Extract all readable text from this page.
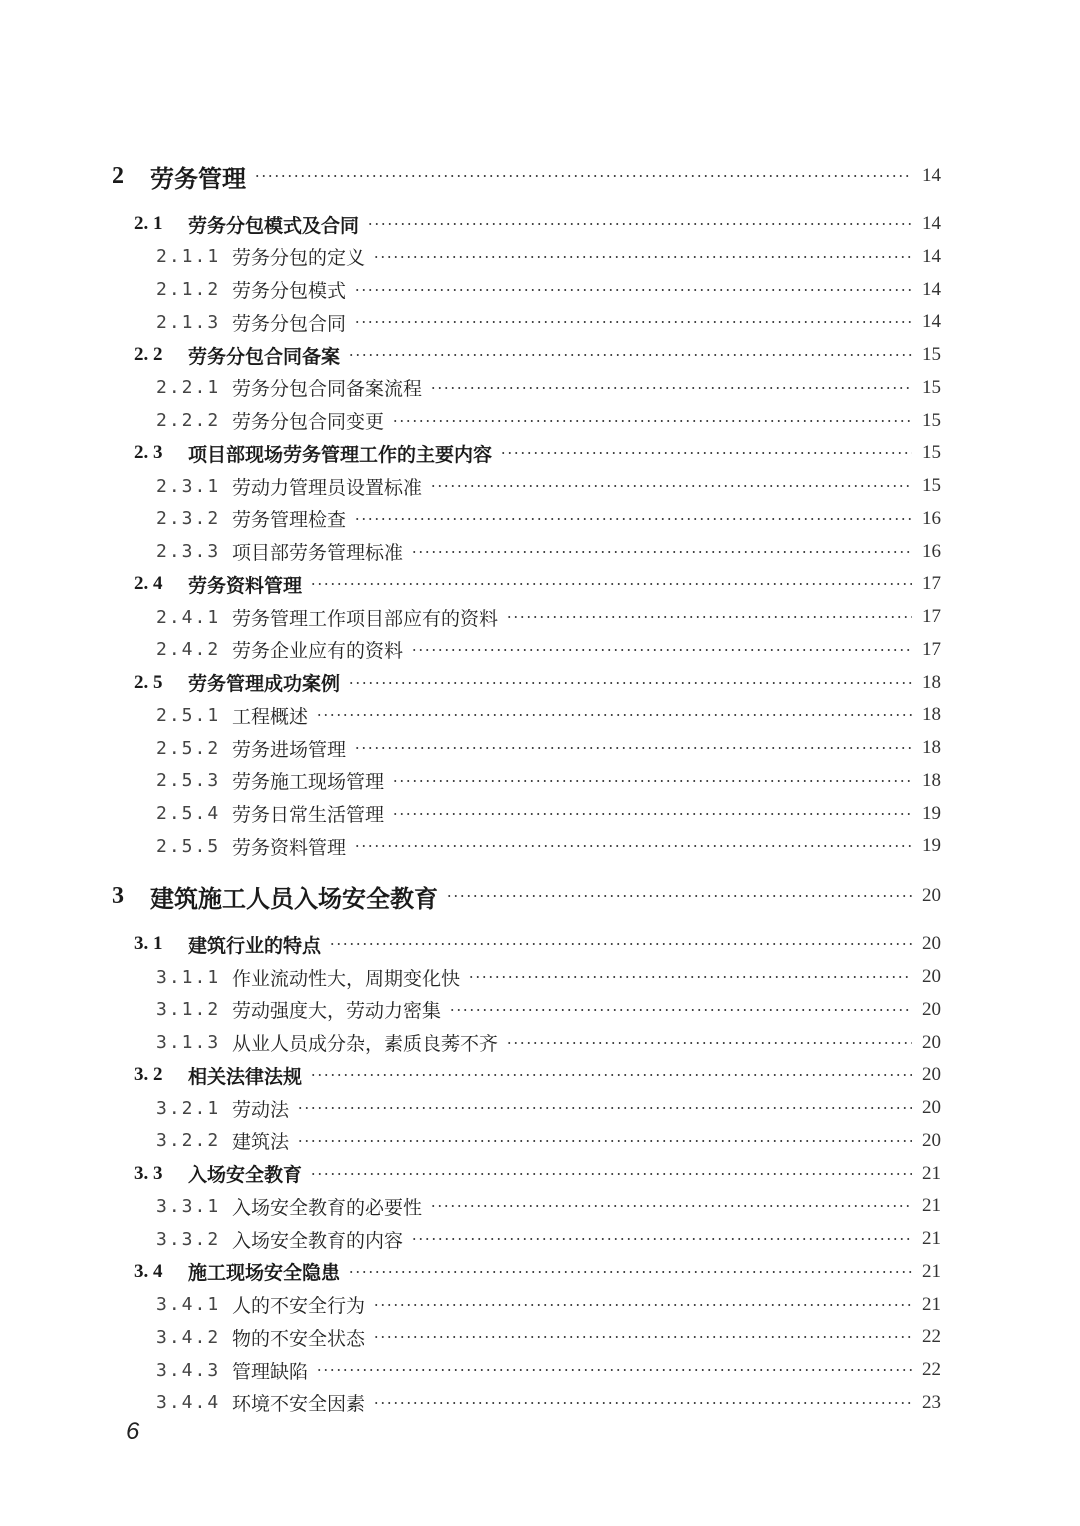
2 劳务管理	14
2. 1 劳务分包模式及合同	14
2.1.1 劳务分包的定义	14
2.1.2 劳务分包模式	14
2.1.3 劳务分包合同	14
2. 2 劳务分包合同备案	15
2.2.1 劳务分包合同备案流程	15
2.2.2 劳务分包合同变更	15
2. 3 项目部现场劳务管理工作的主要内容	15
2.3.1 劳动力管理员设置标准	15
2.3.2 劳务管理检查	16
2.3.3 项目部劳务管理标准	16
2. 4 劳务资料管理	17
2.4.1 劳务管理工作项目部应有的资料	17
2.4.2 劳务企业应有的资料	17
2. 5 劳务管理成功案例	18
2.5.1 工程概述	18
2.5.2 劳务进场管理	18
2.5.3 劳务施工现场管理	18
2.5.4 劳务日常生活管理	19
2.5.5 劳务资料管理	19
3 建筑施工人员入场安全教育	20
3. 1 建筑行业的特点	20
3.1.1 作业流动性大，周期变化快	20
3.1.2 劳动强度大，劳动力密集	20
3.1.3 从业人员成分杂，素质良莠不齐	20
3. 2 相关法律法规	20
3.2.1 劳动法	20
3.2.2 建筑法	20
3. 3 入场安全教育	21
3.3.1 入场安全教育的必要性	21
3.3.2 入场安全教育的内容	21
3. 4 施工现场安全隐患	21
3.4.1 人的不安全行为	21
3.4.2 物的不安全状态	22
3.4.3 管理缺陷	22
3.4.4 环境不安全因素	23
6
